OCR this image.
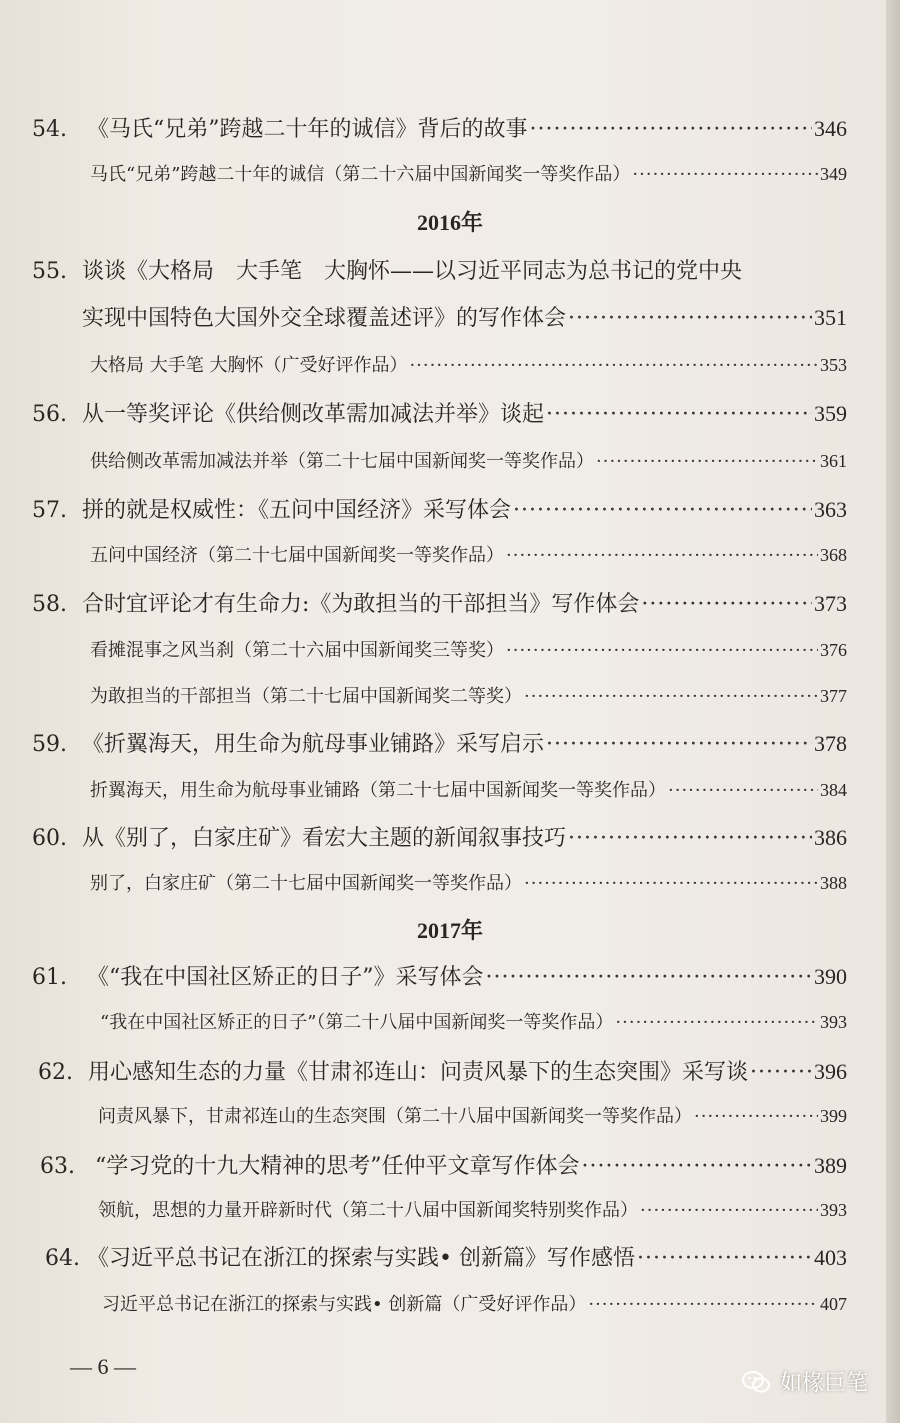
54. 《马氏“兄弟”跨越二十年的诚信》背后的故事 ·····	346
马氏“兄弟”跨越二十年的诚信（第二十六届中国新闻奖一等奖作品） ·····	349
2016年
55. 谈谈《大格局　大手笔　大胸怀——以习近平同志为总书记的党中央
实现中国特色大国外交全球覆盖述评》的写作体会 ·····	351
大格局 大手笔 大胸怀（广受好评作品） ·····	353
56. 从一等奖评论《供给侧改革需加减法并举》谈起 ·····	359
供给侧改革需加减法并举（第二十七届中国新闻奖一等奖作品） ·····	361
57. 拼的就是权威性：《五问中国经济》采写体会 ·····	363
五问中国经济（第二十七届中国新闻奖一等奖作品） ·····	368
58. 合时宜评论才有生命力:《为敢担当的干部担当》写作体会 ·····	373
看摊混事之风当刹（第二十六届中国新闻奖三等奖） ·····	376
为敢担当的干部担当（第二十七届中国新闻奖二等奖） ·····	377
59. 《折翼海天，用生命为航母事业铺路》采写启示 ·····	378
折翼海天，用生命为航母事业铺路（第二十七届中国新闻奖一等奖作品） ·····	384
60. 从《别了，白家庄矿》看宏大主题的新闻叙事技巧 ·····	386
别了，白家庄矿（第二十七届中国新闻奖一等奖作品） ·····	388
2017年
61. 《“我在中国社区矫正的日子”》采写体会 ·····	390
“我在中国社区矫正的日子”（第二十八届中国新闻奖一等奖作品） ·····	393
62. 用心感知生态的力量《甘肃祁连山：问责风暴下的生态突围》采写谈 ·····	396
问责风暴下，甘肃祁连山的生态突围（第二十八届中国新闻奖一等奖作品） ·····	399
63. “学习党的十九大精神的思考”任仲平文章写作体会 ·····	389
领航，思想的力量开辟新时代（第二十八届中国新闻奖特别奖作品） ·····	393
64. 《习近平总书记在浙江的探索与实践• 创新篇》写作感悟 ·····	403
习近平总书记在浙江的探索与实践• 创新篇（广受好评作品） ·····	407
— 6 —
如椽巨笔
